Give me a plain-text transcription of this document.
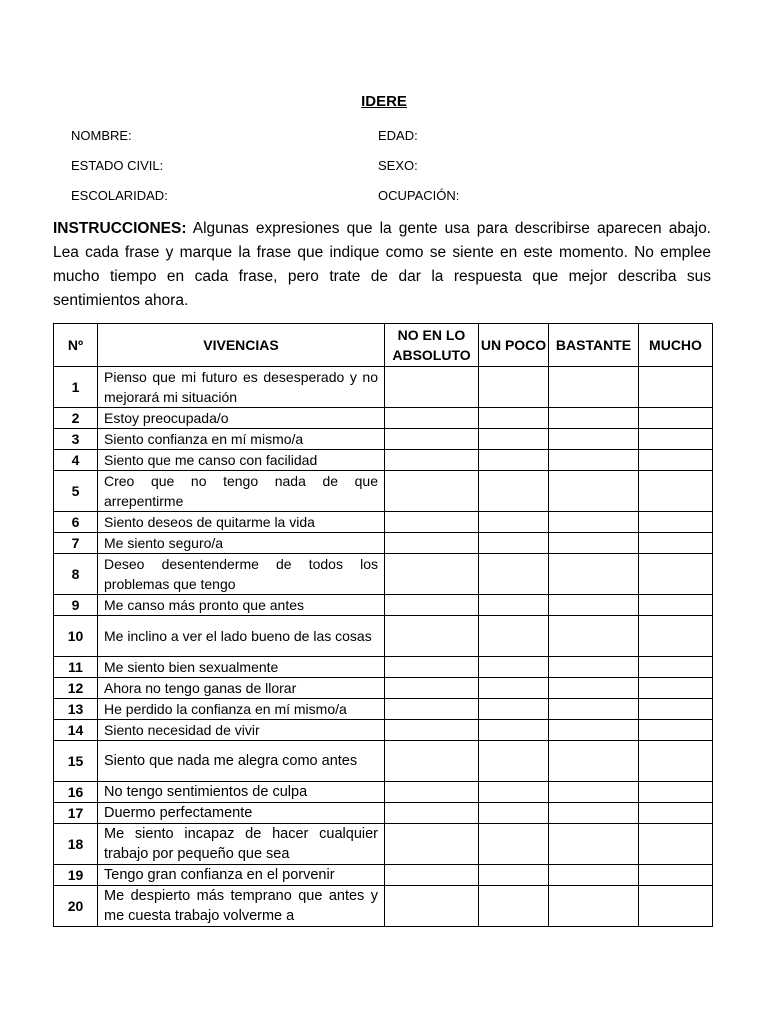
IDERE
NOMBRE:	EDAD:
ESTADO CIVIL:	SEXO:
ESCOLARIDAD:	OCUPACIÓN:
INSTRUCCIONES: Algunas expresiones que la gente usa para describirse aparecen abajo. Lea cada frase y marque la frase que indique como se siente en este momento. No emplee mucho tiempo en cada frase, pero trate de dar la respuesta que mejor describa sus sentimientos ahora.
Nº	VIVENCIAS	NO EN LO ABSOLUTO	UN POCO	BASTANTE	MUCHO
1	Pienso que mi futuro es desesperado y no mejorará mi situación				
2	Estoy preocupada/o				
3	Siento confianza en mí mismo/a				
4	Siento que me canso con facilidad				
5	Creo que no tengo nada de que arrepentirme				
6	Siento deseos de quitarme la vida				
7	Me siento seguro/a				
8	Deseo desentenderme de todos los problemas que tengo				
9	Me canso más pronto que antes				
10	Me inclino a ver el lado bueno de las cosas				
11	Me siento bien sexualmente				
12	Ahora no tengo ganas de llorar				
13	He perdido la confianza en mí mismo/a				
14	Siento necesidad de vivir				
15	Siento que nada me alegra como antes				
16	No tengo sentimientos de culpa				
17	Duermo perfectamente				
18	Me siento incapaz de hacer cualquier trabajo por pequeño que sea				
19	Tengo gran confianza en el porvenir				
20	Me despierto más temprano que antes y me cuesta trabajo volverme a				
